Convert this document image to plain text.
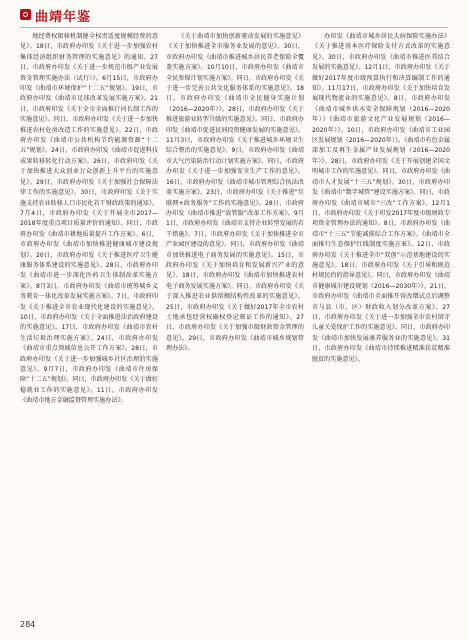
曲靖年鉴

地经费权限移机制健全权责适度规模经费的意见》。18日，市政府办印发《关于进一步加强农村集体经济组织财务管理的实施意见》的通知。27日，市政府办印发《关于进一步规范市级产业发展资金管理实施办法（试行）》。6月15日，市政府办印发《曲靖市环境保护“十二五”规划》。19日，市政府办印发《曲靖市足球改革发展实施方案》。21日，市政府印发《关于全市全面推行河长制工作的实施意见》。同日，市政府办印发《关于进一步加快推进农村危房改造工作的实施意见》。22日，市政府办印发《曲靖市公共机构节约能源资源“十二五”规划》。24日，市政府办印发《曲靖市促进科技成果转移转化行动方案》。26日，市政府印发《关于加快推进大众创业万众创新上升平台的实施意见》。29日，市政府办印发《关于加强社会保障法律工作的实施意见》。30日，市政府印发《关于实施支持农业转移人口市民化若干财政政策的通知》。7月4日，市政府办印发《关于开展全市2017—2018年度重点项目质量评价的通知》。同日，市政府办印发《曲靖市耕地质量提升工作方案》。6日，市政府办印发《曲靖市加快推进健康城市建设规划》。20日，市政府办印发《关于推进医疗卫生健康服务体系建设的实施意见》。28日，市政府办印发《曲靖市进一步深化医药卫生体制改革实施方案》。8月3日，市政府办印发《曲靖市统筹城乡义务教育一体化改革发展实施方案》。7日，市政府印发《关于推进全市农业现代化建设的实施意见》。10日，市政府办印发《关于全面推进法治政府建设的实施意见》。17日，市政府办印发《曲靖市农村生活垃圾治理实施方案》。24日，市政府办印发《曲靖市重点领域信息公开工作方案》。28日，市政府办印发《关于进一步加强城乡社区治理的实施意见》。9月7日，市政府办印发《曲靖市住房保障“十二五”规划》。同日，市政府办印发《关于做好稳就业工作的实施意见》。11日，市政府办印发《曲靖市地方金融监督管理实施办法》。

《关于曲靖市加快创新驱动发展的实施意见》《关于加快推进全市服务业发展的意见》。30日，市政府办印发《曲靖市推进城乡居民养老保险全覆盖实施方案》。10月10日，市政府办印发《曲靖市全民参保计划实施方案》。同日，市政府办印发《关于进一步完善公共文化服务体系的实施意见》。18日，市政府办印发《曲靖市全民健身实施计划（2016—2020年）》。28日，市政府办印发《关于推进旅游业转型升级的实施意见》。同日，市政府办印发《曲靖市促进民间投资健康发展的实施意见》。11月3日，市政府办印发《关于推进城乡环境卫生综合整治的实施意见》。9日，市政府办印发《曲靖市大气污染防治行动计划实施方案》。同日，市政府办印发《关于进一步加强安全生产工作的意见》。16日，市政府办印发《曲靖市城市管理综合执法改革实施方案》。23日，市政府办印发《关于推进“互联网+政务服务”工作的实施意见》。28日，市政府办印发《曲靖市推进“放管服”改革工作方案》。9月1日，市政府办印发《曲靖市支持企业转型发展的若干措施》。7日，市政府办印发《关于加快推进全市产业园区建设的意见》。同日，市政府办印发《曲靖市加快推进电子商务发展的实施意见》。15日，市政府办印发《关于加快培育和发展新兴产业的意见》。18日，市政府办印发《曲靖市加快推进农村电子商务发展实施方案》。同日，市政府办印发《关于深入推进农业供给侧结构性改革的实施意见》。25日，市政府办印发《关于做好2017年全市农村土地承包经营权确权登记颁证工作的通知》。27日，市政府办印发《关于加强市级财政资金管理的意见》。29日，市政府办印发《曲靖市城乡规划管理办法》。

办印发《曲靖市城乡居民大病保险实施办法》《关于推进基本医疗保险支付方式改革的实施意见》。30日，市政府办印发《曲靖市推进医养结合发展的实施意见》。12月1日，市政府办印发《关于做好2017年度市级预算执行和决算编制工作的通知》。11月17日，市政府办印发《关于加快培育发展现代物流业的实施意见》。8日，市政府办印发《曲靖市城乡供水安全保障规划（2016—2020年）》《曲靖市旅游文化产业发展规划（2016—2020年）》。10日，市政府办印发《曲靖市工业园区发展规划（2016—2020年）》。《曲靖市有色金属深加工及再生金属产业发展规划（2016—2020年）》。28日，市政府办印发《关于开展创建全国文明城市工作的实施意见》。同日，市政府办印发《曲靖市人才发展“十三五”规划》。30日，市政府办印发《曲靖市“数字城管”建设实施方案》。同日，市政府办印发《曲靖市城市“三改”工作方案》。12月1日，市政府办印发《关于印发2017年度市级财政专项资金管理办法的通知》。8日，市政府办印发《曲靖市“十三五”节能减排综合工作方案》。《曲靖市全面推行生态保护红线制度实施方案》。12日，市政府办印发《关于推进全市“双创”示范基地建设的实施意见》。18日，市政府办印发《关于引导和规范村规民约的指导意见》。同日，市政府办印发《曲靖市健康城市建设规划（2016—2030年）》。21日，市政府办印发《曲靖市全面推开营改增试点后调整市与县（市、区）财政收入划分改革方案》。27日，市政府办印发《关于进一步加强全市农村留守儿童关爱保护工作的实施意见》。同日，市政府办印发《曲靖市加快发展康养服务业的实施意见》。31日，市政府办印发《曲靖市持续推进精准扶贫精准脱贫的实施意见》。

284
